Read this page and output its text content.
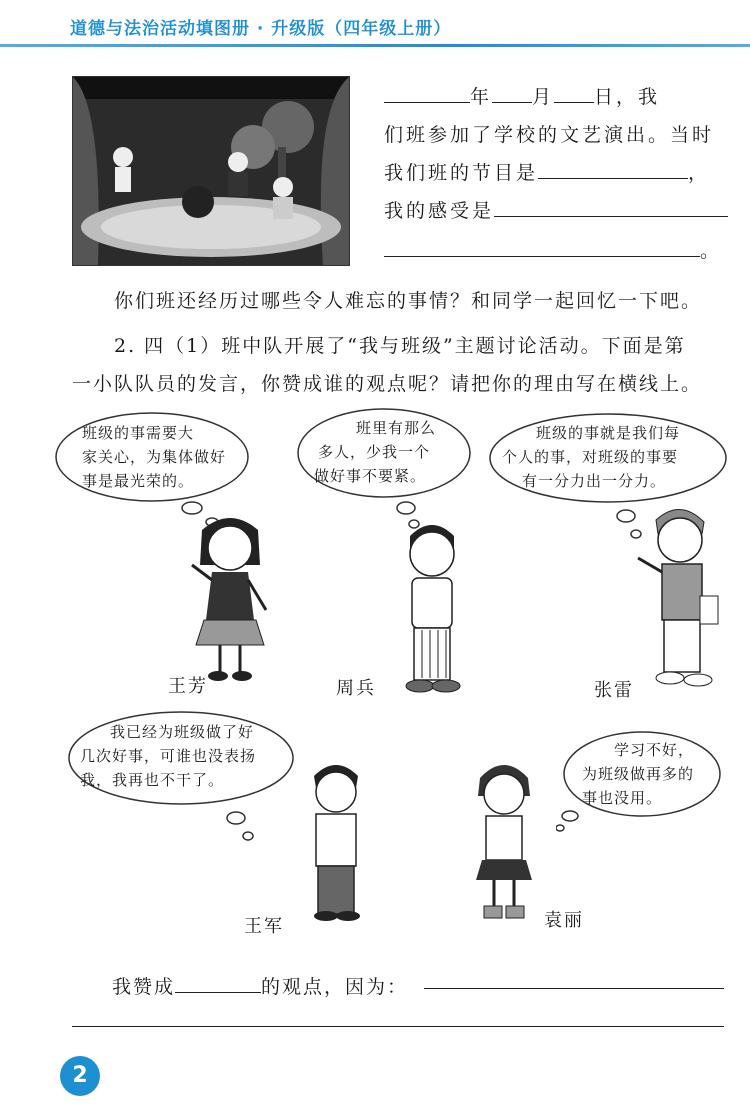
道德与法治活动填图册 · 升级版（四年级上册）
年 月 日，我
们班参加了学校的文艺演出。当时
我们班的节目是	，
我的感受是
。
你们班还经历过哪些令人难忘的事情？和同学一起回忆一下吧。
2. 四（1）班中队开展了“我与班级”主题讨论活动。下面是第
一小队队员的发言，你赞成谁的观点呢？请把你的理由写在横线上。
班级的事需要大
家关心，为集体做好
事是最光荣的。
班里有那么
多人，少我一个
做好事不要紧。
班级的事就是我们每
个人的事，对班级的事要
有一分力出一分力。
王芳	周兵	张雷
我已经为班级做了好
几次好事，可谁也没表扬
我，我再也不干了。
学习不好，
为班级做再多的
事也没用。
王军	袁丽
我赞成	的观点，因为：
2
